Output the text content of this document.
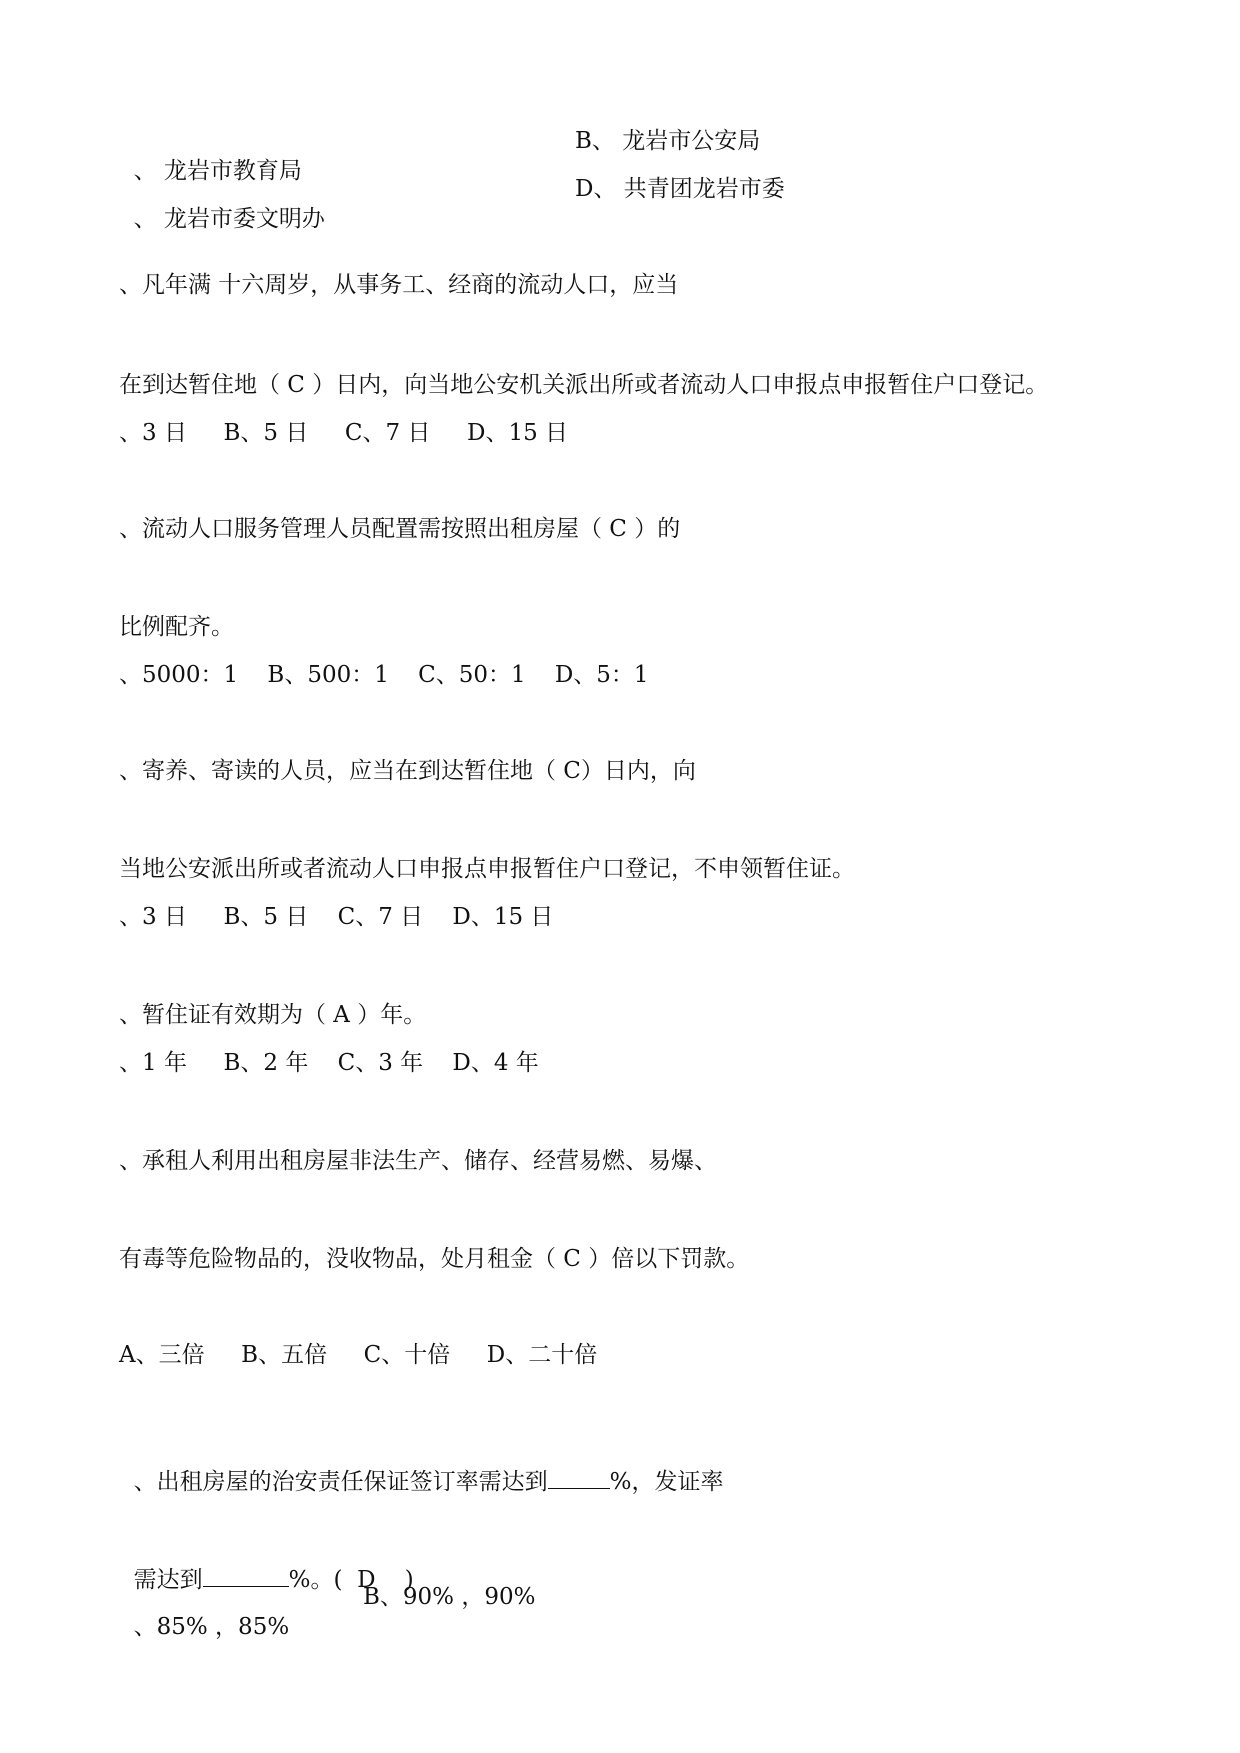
、 龙岩市教育局

B、 龙岩市公安局

、 龙岩市委文明办

D、 共青团龙岩市委

、凡年满 十六周岁，从事务工、经商的流动人口，应当
在到达暂住地（ C ）日内，向当地公安机关派出所或者流动人口申报点申报暂住户口登记。
、3 日     B、5 日     C、7 日     D、15 日
、流动人口服务管理人员配置需按照出租房屋（ C ）的
比例配齐。
、5000：1    B、500：1    C、50：1    D、5：1
、寄养、寄读的人员，应当在到达暂住地（ C）日内，向
当地公安派出所或者流动人口申报点申报暂住户口登记，不申领暂住证。
、3 日     B、5 日    C、7 日    D、15 日
、暂住证有效期为（ A ）年。
、1 年     B、2 年    C、3 年    D、4 年
、承租人利用出租房屋非法生产、储存、经营易燃、易爆、
有毒等危险物品的，没收物品，处月租金（ C ）倍以下罚款。
A、三倍     B、五倍     C、十倍     D、二十倍

、出租房屋的治安责任保证签订率需达到	%，发证率

需达到	%。(  D    )

、85% ，85%

B、90% ，90%
